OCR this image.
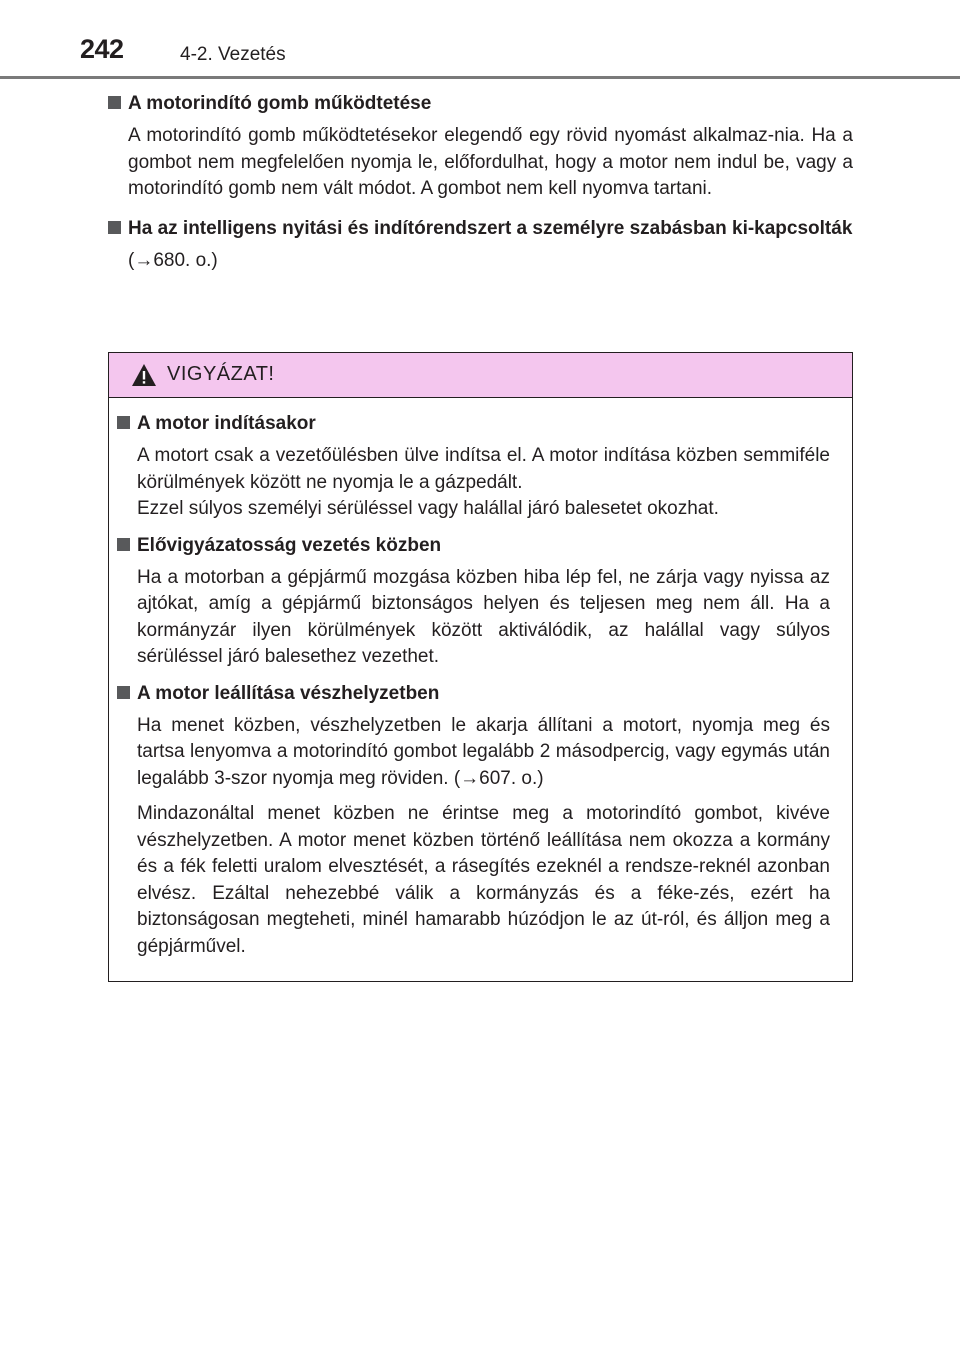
242	4-2. Vezetés

A motorindító gomb működtetése

A motorindító gomb működtetésekor elegendő egy rövid nyomást alkalmaz-nia. Ha a gombot nem megfelelően nyomja le, előfordulhat, hogy a motor nem indul be, vagy a motorindító gomb nem vált módot. A gombot nem kell nyomva tartani.

Ha az intelligens nyitási és indítórendszert a személyre szabásban ki-kapcsolták

(→680. o.)
VIGYÁZAT!

A motor indításakor

A motort csak a vezetőülésben ülve indítsa el. A motor indítása közben semmiféle körülmények között ne nyomja le a gázpedált.

Ezzel súlyos személyi sérüléssel vagy halállal járó balesetet okozhat.

Elővigyázatosság vezetés közben

Ha a motorban a gépjármű mozgása közben hiba lép fel, ne zárja vagy nyissa az ajtókat, amíg a gépjármű biztonságos helyen és teljesen meg nem áll. Ha a kormányzár ilyen körülmények között aktiválódik, az halállal vagy súlyos sérüléssel járó balesethez vezethet.

A motor leállítása vészhelyzetben

Ha menet közben, vészhelyzetben le akarja állítani a motort, nyomja meg és tartsa lenyomva a motorindító gombot legalább 2 másodpercig, vagy egymás után legalább 3-szor nyomja meg röviden. (→607. o.)

Mindazonáltal menet közben ne érintse meg a motorindító gombot, kivéve vészhelyzetben. A motor menet közben történő leállítása nem okozza a kormány és a fék feletti uralom elvesztését, a rásegítés ezeknél a rendsze-reknél azonban elvész. Ezáltal nehezebbé válik a kormányzás és a féke-zés, ezért ha biztonságosan megteheti, minél hamarabb húzódjon le az út-ról, és álljon meg a gépjárművel.
